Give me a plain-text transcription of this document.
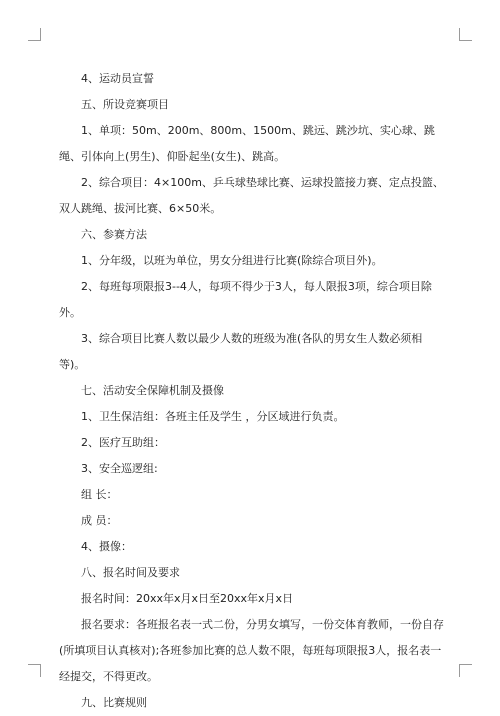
4、运动员宣誓

五、所设竞赛项目

1、单项：50m、200m、800m、1500m、跳远、跳沙坑、实心球、跳绳、引体向上(男生)、仰卧起坐(女生)、跳高。

2、综合项目：4×100m、乒乓球垫球比赛、运球投篮接力赛、定点投篮、双人跳绳、拔河比赛、6×50米。

六、参赛方法

1、分年级，以班为单位，男女分组进行比赛(除综合项目外)。

2、每班每项限报3--4人，每项不得少于3人，每人限报3项，综合项目除外。

3、综合项目比赛人数以最少人数的班级为准(各队的男女生人数必须相等)。

七、活动安全保障机制及摄像

1、卫生保洁组：各班主任及学生 ，分区域进行负责。

2、医疗互助组：

3、安全巡逻组:

组 长：

成 员：

4、摄像：

八、报名时间及要求

报名时间：20xx年x月x日至20xx年x月x日

报名要求：各班报名表一式二份，分男女填写，一份交体育教师，一份自存(所填项目认真核对);各班参加比赛的总人数不限，每班每项限报3人，报名表一经提交，不得更改。

九、比赛规则
